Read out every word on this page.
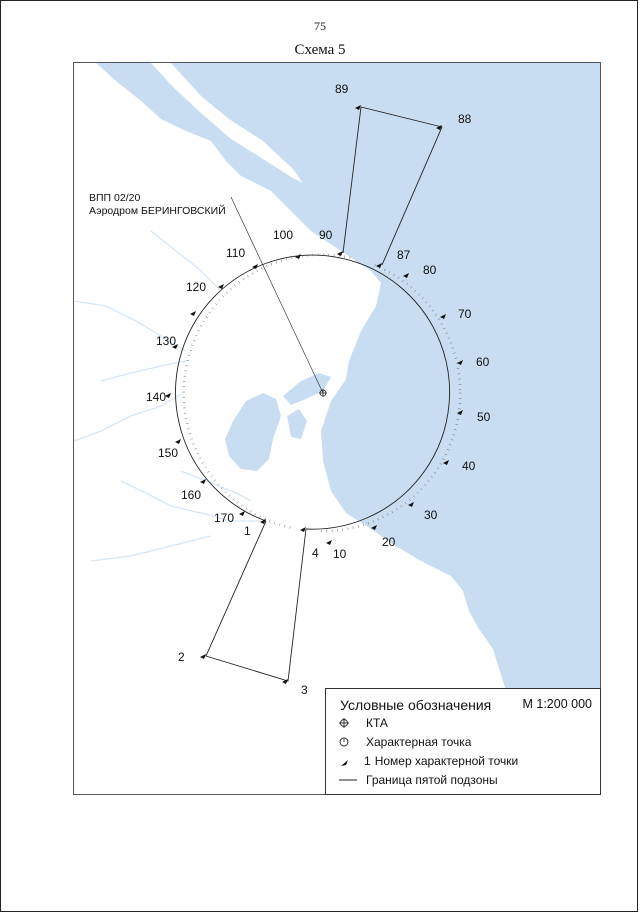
75
Схема 5
ВПП 02/20
Аэродром БЕРИНГОВСКИЙ
10
20
30
40
50
60
70
80
90
100
110
120
130
140
150
160
170
1
2
3
4
87
88
89
Условные обозначения М 1:200 000
КТА
Характерная точка
1 Номер характерной точки
Граница пятой подзоны
